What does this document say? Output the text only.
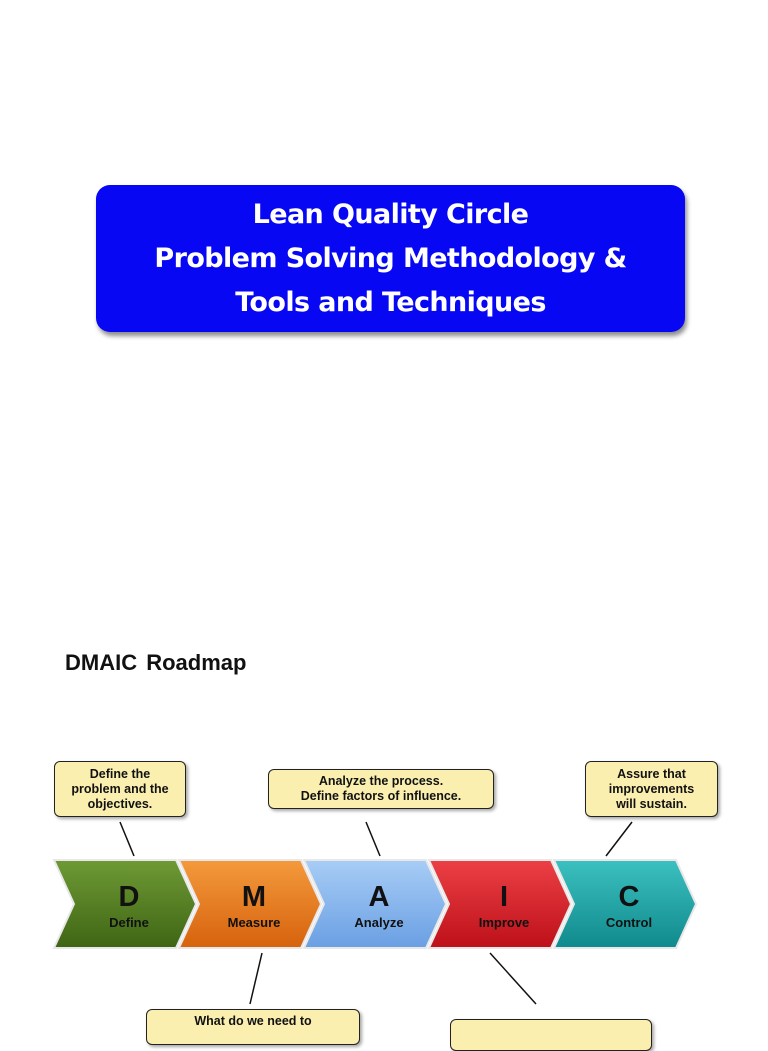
Lean Quality Circle
Problem Solving Methodology &
Tools and Techniques
DMAIC Roadmap
D	M	A	I	C
Define	Measure	Analyze	Improve	Control
Define the
problem and the
objectives.
Analyze the process.
Define factors of influence.
Assure that
improvements
will sustain.
What do we need to
